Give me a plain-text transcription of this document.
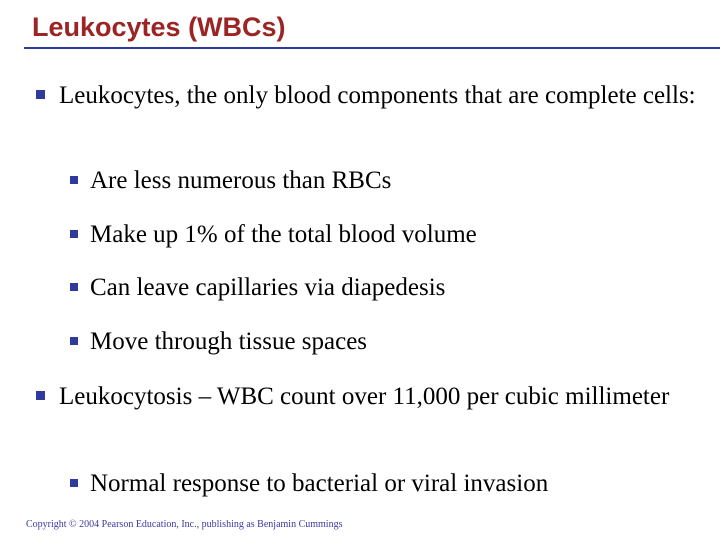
Leukocytes (WBCs)
Leukocytes, the only blood components that are complete cells:
Are less numerous than RBCs
Make up 1% of the total blood volume
Can leave capillaries via diapedesis
Move through tissue spaces
Leukocytosis – WBC count over 11,000 per cubic millimeter
Normal response to bacterial or viral invasion
Copyright © 2004 Pearson Education, Inc., publishing as Benjamin Cummings
